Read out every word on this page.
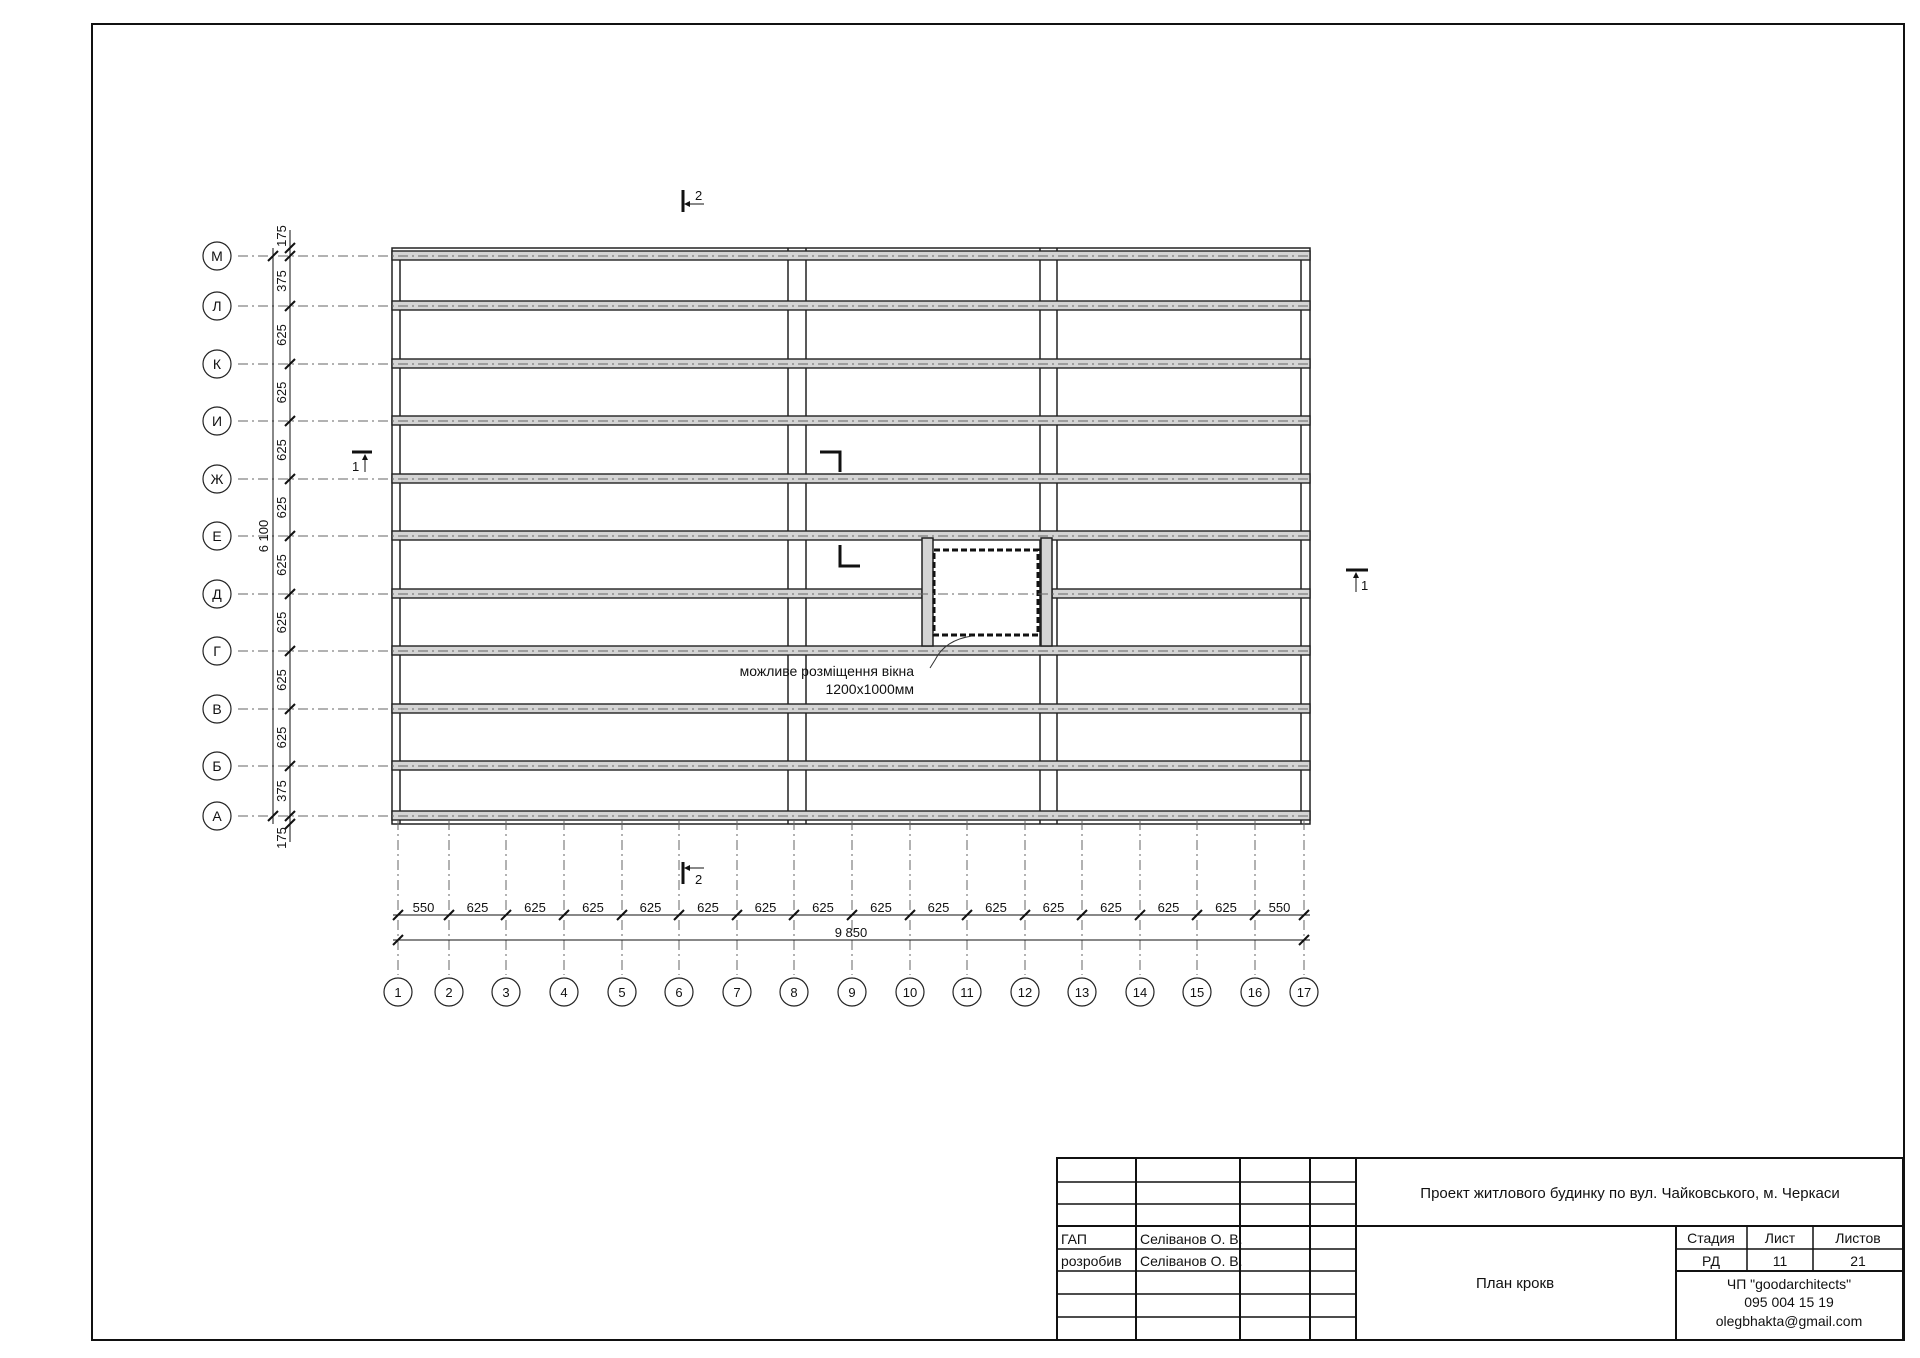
М
Л
К
И
Ж
Е
Д
Г
В
Б
А
1	2	3	4	5	6	7	8	9	10	11	12	13	14	15	16	17
175
375
625
625
625
625
625
625
625
625
375
175
6 100
550 625	625	625	625	625	625	625	625	625	625	625	625	625	625 550
9 850
1
1
2
2
можливе розміщення вікна
1200х1000мм
Проект житлового будинку по вул. Чайковського, м. Черкаси
План крокв
ГАП	Селіванов О. В.
розробив Селіванов О. В.
Стадия Лист	Листов
РД	11	21
ЧП "goodarchitects"
095 004 15 19
olegbhakta@gmail.com
